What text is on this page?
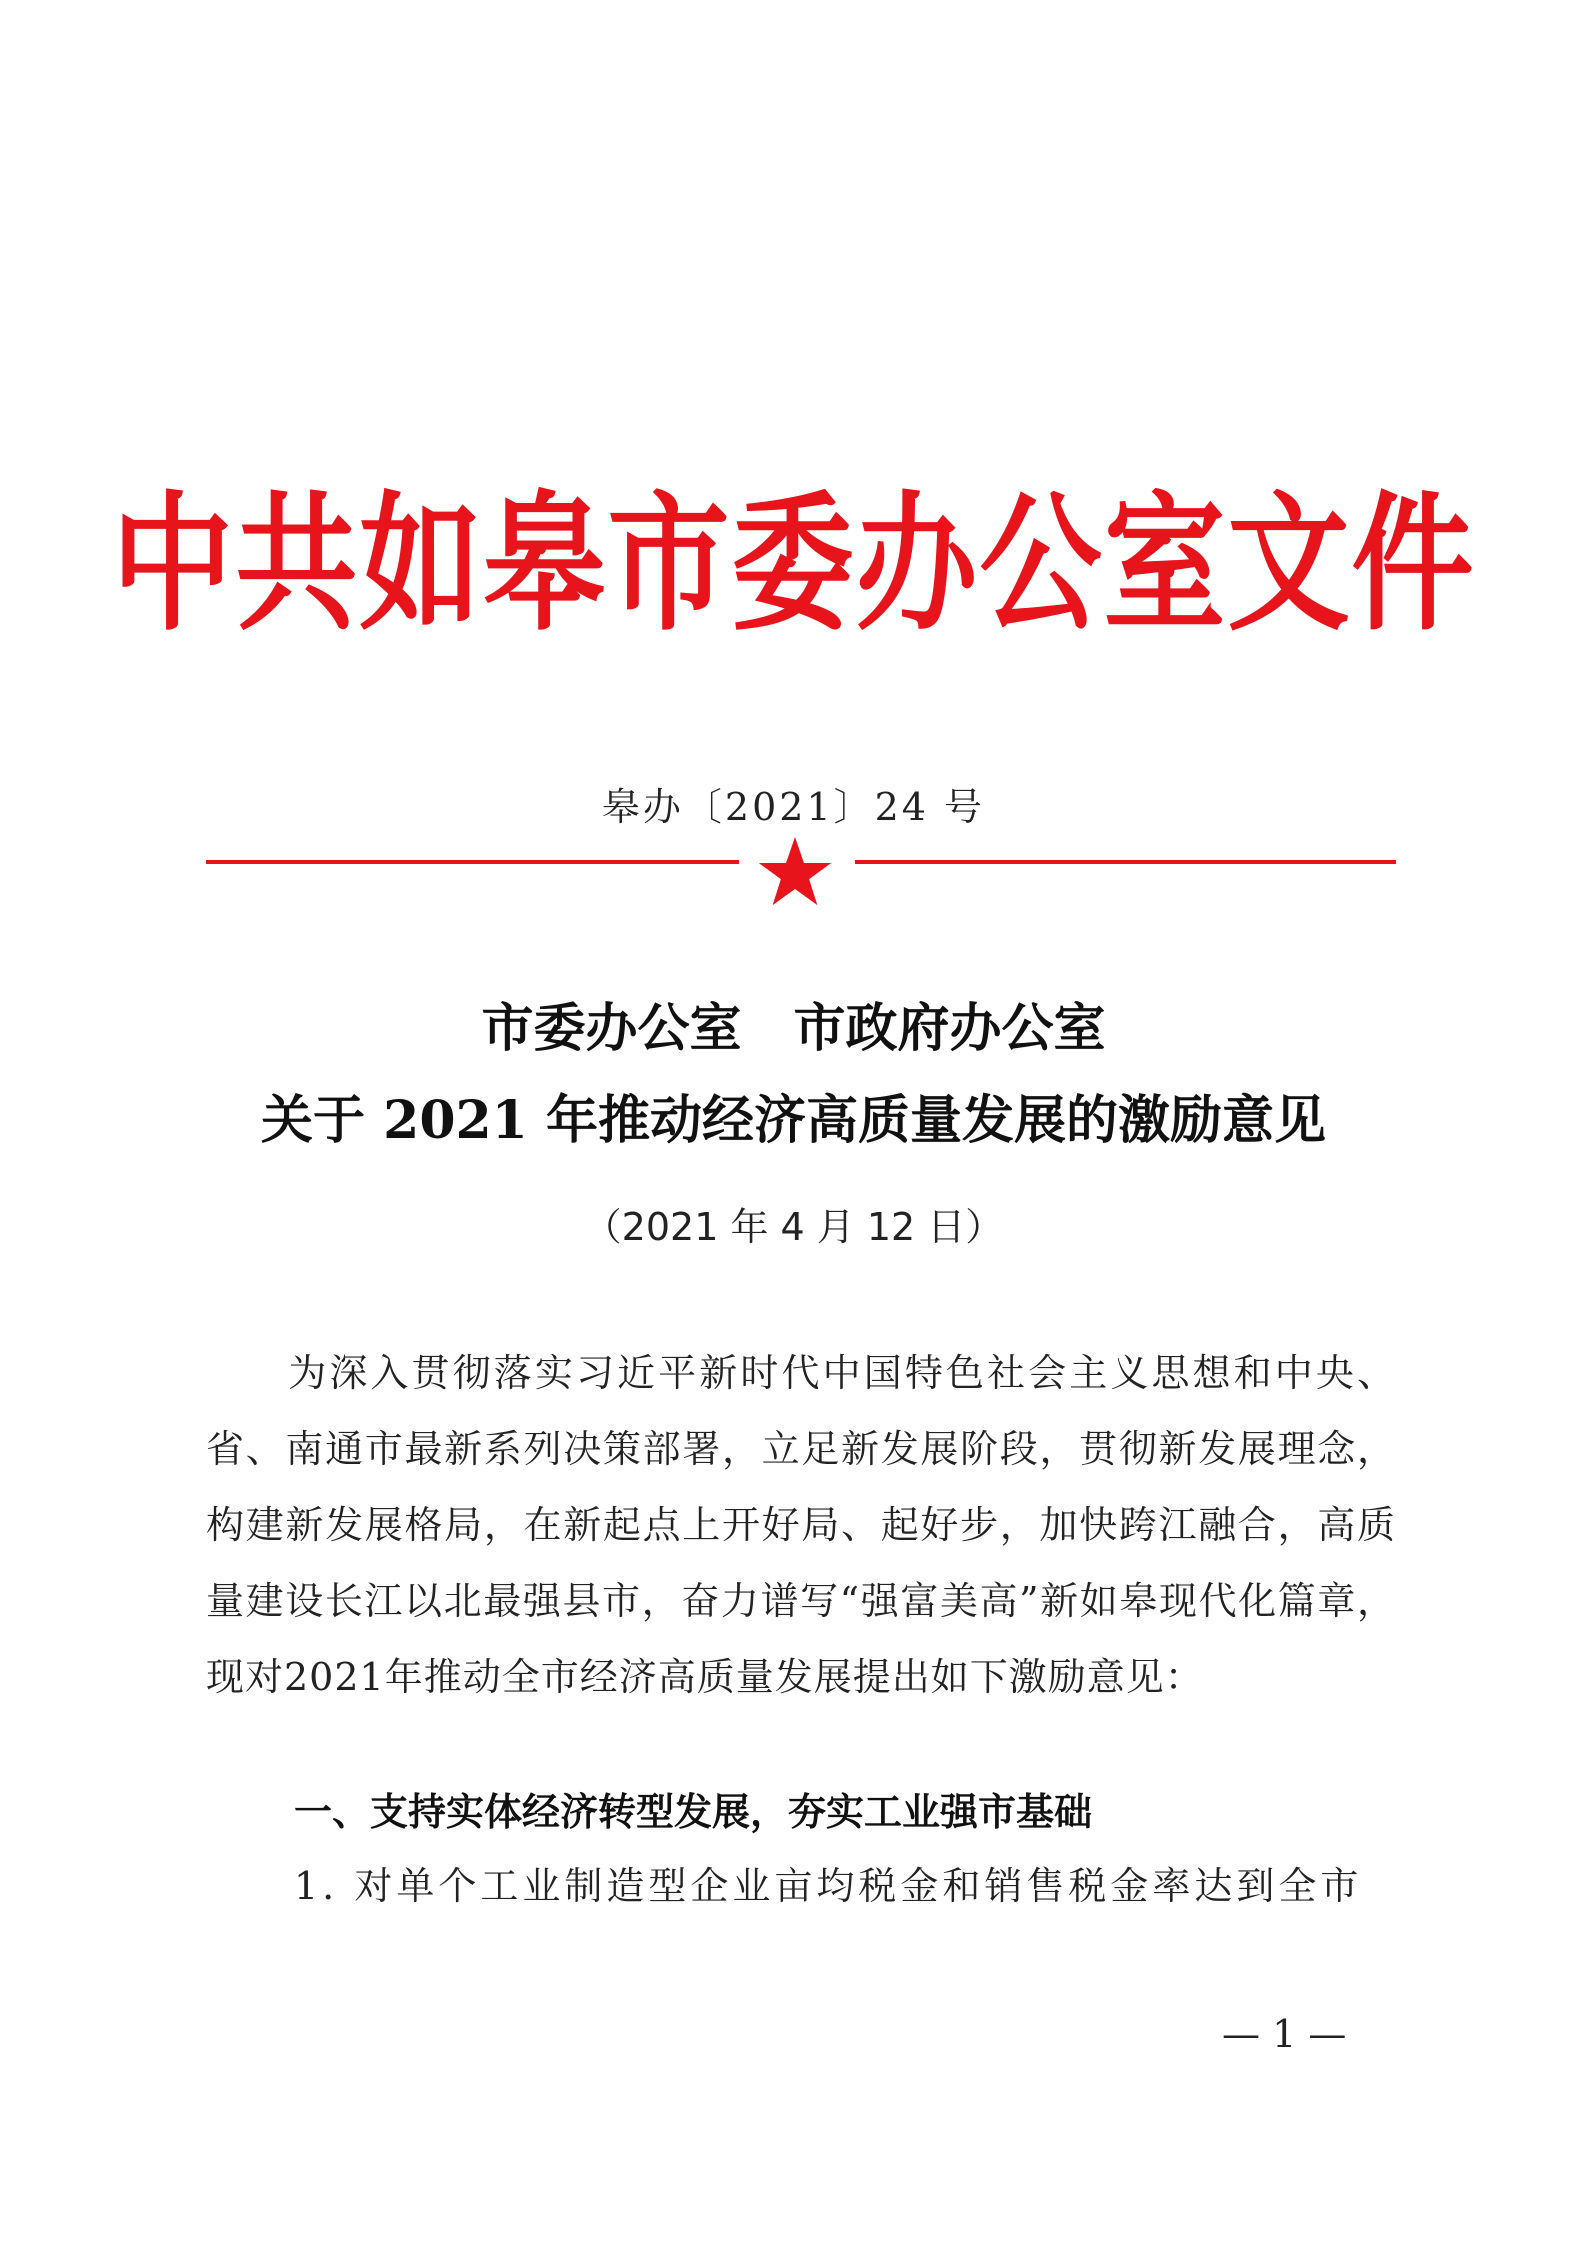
中共如皋市委办公室文件
皋办〔2021〕24 号
市委办公室　市政府办公室
关于 2021 年推动经济高质量发展的激励意见
（2021 年 4 月 12 日）
　　为深入贯彻落实习近平新时代中国特色社会主义思想和中央、省、南通市最新系列决策部署，立足新发展阶段，贯彻新发展理念，构建新发展格局，在新起点上开好局、起好步，加快跨江融合，高质量建设长江以北最强县市，奋力谱写“强富美高”新如皋现代化篇章，现对2021年推动全市经济高质量发展提出如下激励意见：
一、支持实体经济转型发展，夯实工业强市基础
1. 对单个工业制造型企业亩均税金和销售税金率达到全市
— 1 —
